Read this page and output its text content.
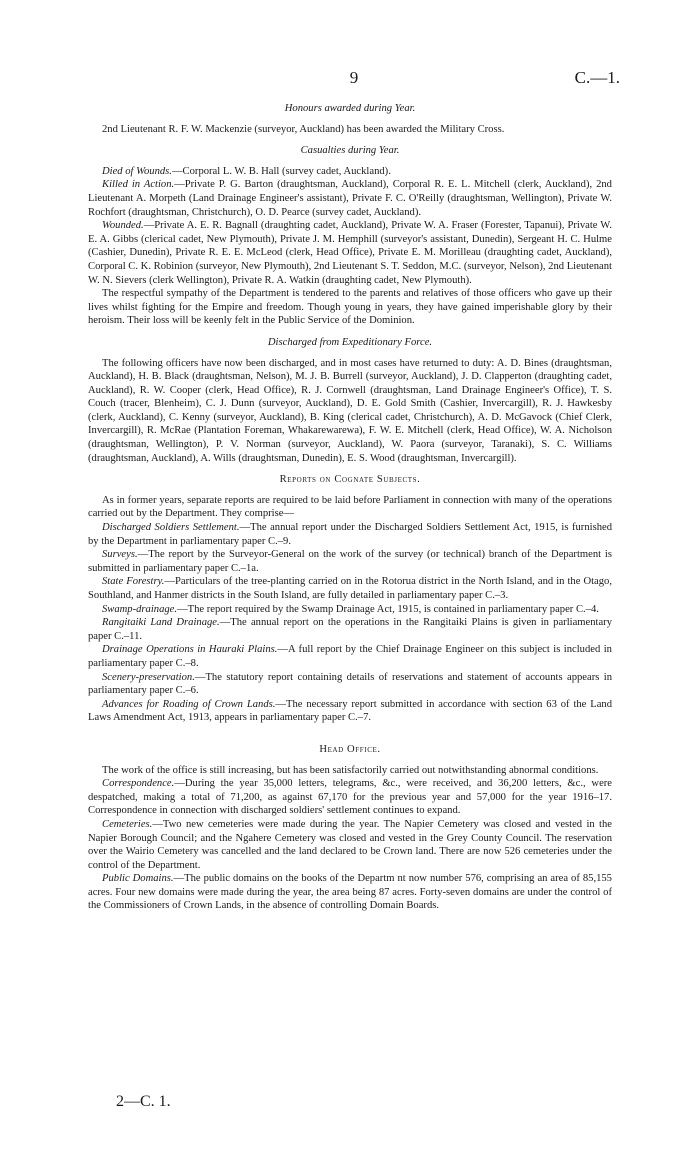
9	C.—1.
Honours awarded during Year.

2nd Lieutenant R. F. W. Mackenzie (surveyor, Auckland) has been awarded the Military Cross.

Casualties during Year.

Died of Wounds.—Corporal L. W. B. Hall (survey cadet, Auckland).

Killed in Action.—Private P. G. Barton (draughtsman, Auckland), Corporal R. E. L. Mitchell (clerk, Auckland), 2nd Lieutenant A. Morpeth (Land Drainage Engineer's assistant), Private F. C. O'Reilly (draughtsman, Wellington), Private W. Rochfort (draughtsman, Christchurch), O. D. Pearce (survey cadet, Auckland).

Wounded.—Private A. E. R. Bagnall (draughting cadet, Auckland), Private W. A. Fraser (Forester, Tapanui), Private W. E. A. Gibbs (clerical cadet, New Plymouth), Private J. M. Hemphill (surveyor's assistant, Dunedin), Sergeant H. C. Hulme (Cashier, Dunedin), Private R. E. E. McLeod (clerk, Head Office), Private E. M. Morilleau (draughting cadet, Auckland), Corporal C. K. Robinion (surveyor, New Plymouth), 2nd Lieutenant S. T. Seddon, M.C. (surveyor, Nelson), 2nd Lieutenant W. N. Sievers (clerk Wellington), Private R. A. Watkin (draughting cadet, New Plymouth).

The respectful sympathy of the Department is tendered to the parents and relatives of those officers who gave up their lives whilst fighting for the Empire and freedom. Though young in years, they have gained imperishable glory by their heroism. Their loss will be keenly felt in the Public Service of the Dominion.

Discharged from Expeditionary Force.

The following officers have now been discharged, and in most cases have returned to duty: A. D. Bines (draughtsman, Auckland), H. B. Black (draughtsman, Nelson), M. J. B. Burrell (surveyor, Auckland), J. D. Clapperton (draughting cadet, Auckland), R. W. Cooper (clerk, Head Office), R. J. Cornwell (draughtsman, Land Drainage Engineer's Office), T. S. Couch (tracer, Blenheim), C. J. Dunn (surveyor, Auckland), D. E. Gold Smith (Cashier, Invercargill), R. J. Hawkesby (clerk, Auckland), C. Kenny (surveyor, Auckland), B. King (clerical cadet, Christchurch), A. D. McGavock (Chief Clerk, Invercargill), R. McRae (Plantation Foreman, Whakarewarewa), F. W. E. Mitchell (clerk, Head Office), W. A. Nicholson (draughtsman, Wellington), P. V. Norman (surveyor, Auckland), W. Paora (surveyor, Taranaki), S. C. Williams (draughtsman, Auckland), A. Wills (draughtsman, Dunedin), E. S. Wood (draughtsman, Invercargill).

Reports on Cognate Subjects.

As in former years, separate reports are required to be laid before Parliament in connection with many of the operations carried out by the Department. They comprise—

Discharged Soldiers Settlement.—The annual report under the Discharged Soldiers Settlement Act, 1915, is furnished by the Department in parliamentary paper C.–9.

Surveys.—The report by the Surveyor-General on the work of the survey (or technical) branch of the Department is submitted in parliamentary paper C.–1a.

State Forestry.—Particulars of the tree-planting carried on in the Rotorua district in the North Island, and in the Otago, Southland, and Hanmer districts in the South Island, are fully detailed in parliamentary paper C.–3.

Swamp-drainage.—The report required by the Swamp Drainage Act, 1915, is contained in parliamentary paper C.–4.

Rangitaiki Land Drainage.—The annual report on the operations in the Rangitaiki Plains is given in parliamentary paper C.–11.

Drainage Operations in Hauraki Plains.—A full report by the Chief Drainage Engineer on this subject is included in parliamentary paper C.–8.

Scenery-preservation.—The statutory report containing details of reservations and statement of accounts appears in parliamentary paper C.–6.

Advances for Roading of Crown Lands.—The necessary report submitted in accordance with section 63 of the Land Laws Amendment Act, 1913, appears in parliamentary paper C.–7.

Head Office.

The work of the office is still increasing, but has been satisfactorily carried out notwithstanding abnormal conditions.

Correspondence.—During the year 35,000 letters, telegrams, &c., were received, and 36,200 letters, &c., were despatched, making a total of 71,200, as against 67,170 for the previous year and 57,000 for the year 1916–17. Correspondence in connection with discharged soldiers' settlement continues to expand.

Cemeteries.—Two new cemeteries were made during the year. The Napier Cemetery was closed and vested in the Napier Borough Council; and the Ngahere Cemetery was closed and vested in the Grey County Council. The reservation over the Wairio Cemetery was cancelled and the land declared to be Crown land. There are now 526 cemeteries under the control of the Department.

Public Domains.—The public domains on the books of the Departm nt now number 576, comprising an area of 85,155 acres. Four new domains were made during the year, the area being 87 acres. Forty-seven domains are under the control of the Commissioners of Crown Lands, in the absence of controlling Domain Boards.

2—C. 1.
